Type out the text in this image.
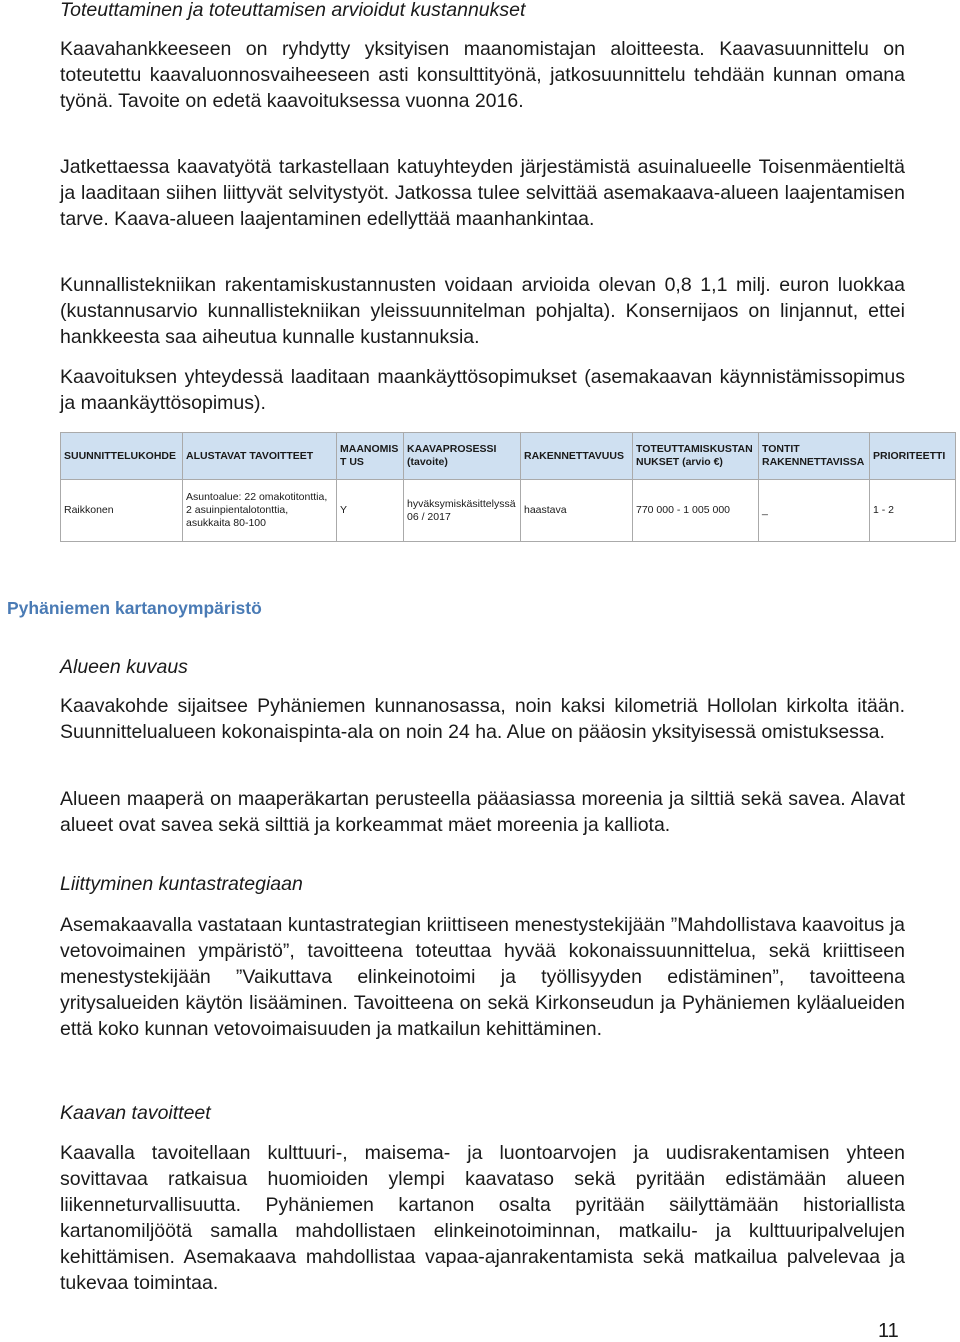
Toteuttaminen ja toteuttamisen arvioidut kustannukset

Kaavahankkeeseen on ryhdytty yksityisen maanomistajan aloitteesta. Kaavasuunnittelu on toteutettu kaavaluonnosvaiheeseen asti konsulttityönä, jatkosuunnittelu tehdään kunnan omana työnä. Tavoite on edetä kaavoituksessa vuonna 2016.

Jatkettaessa kaavatyötä tarkastellaan katuyhteyden järjestämistä asuinalueelle Toisenmäentieltä ja laaditaan siihen liittyvät selvitystyöt. Jatkossa tulee selvittää asemakaava-alueen laajentamisen tarve. Kaava-alueen laajentaminen edellyttää maanhankintaa.

Kunnallistekniikan rakentamiskustannusten voidaan arvioida olevan 0,8 1,1 milj. euron luokkaa (kustannusarvio kunnallistekniikan yleissuunnitelman pohjalta). Konsernijaos on linjannut, ettei hankkeesta saa aiheutua kunnalle kustannuksia.

Kaavoituksen yhteydessä laaditaan maankäyttösopimukset (asemakaavan käynnistämissopimus ja maankäyttösopimus).

SUUNNITTELUKOHDE	ALUSTAVAT TAVOITTEET	MAANOMIST US	KAAVAPROSESSI (tavoite)	RAKENNETTAVUUS	TOTEUTTAMISKUSTAN NUKSET (arvio €)	TONTIT RAKENNETTAVISSA	PRIORITEETTI
Raikkonen	Asuntoalue: 22 omakotitonttia, 2 asuinpientalotonttia, asukkaita 80-100	Y	hyväksymiskäsittelyssä 06 / 2017	haastava	770 000 - 1 005 000	_	1 - 2
Pyhäniemen kartanoympäristö
Alueen kuvaus

Kaavakohde sijaitsee Pyhäniemen kunnanosassa, noin kaksi kilometriä Hollolan kirkolta itään. Suunnittelualueen kokonaispinta-ala on noin 24 ha. Alue on pääosin yksityisessä omistuksessa.

Alueen maaperä on maaperäkartan perusteella pääasiassa moreenia ja silttiä sekä savea. Alavat alueet ovat savea sekä silttiä ja korkeammat mäet moreenia ja kalliota.

Liittyminen kuntastrategiaan

Asemakaavalla vastataan kuntastrategian kriittiseen menestystekijään ”Mahdollistava kaavoitus ja vetovoimainen ympäristö”, tavoitteena toteuttaa hyvää kokonaissuunnittelua, sekä kriittiseen menestystekijään ”Vaikuttava elinkeinotoimi ja työllisyyden edistäminen”, tavoitteena yritysalueiden käytön lisääminen. Tavoitteena on sekä Kirkonseudun ja Pyhäniemen kyläalueiden että koko kunnan vetovoimaisuuden ja matkailun kehittäminen.

Kaavan tavoitteet

Kaavalla tavoitellaan kulttuuri-, maisema- ja luontoarvojen ja uudisrakentamisen yhteen sovittavaa ratkaisua huomioiden ylempi kaavataso sekä pyritään edistämään alueen liikenneturvallisuutta. Pyhäniemen kartanon osalta pyritään säilyttämään historiallista kartanomiljöötä samalla mahdollistaen elinkeinotoiminnan, matkailu- ja kulttuuripalvelujen kehittämisen. Asemakaava mahdollistaa vapaa-ajanrakentamista sekä matkailua palvelevaa ja tukevaa toimintaa.

11
